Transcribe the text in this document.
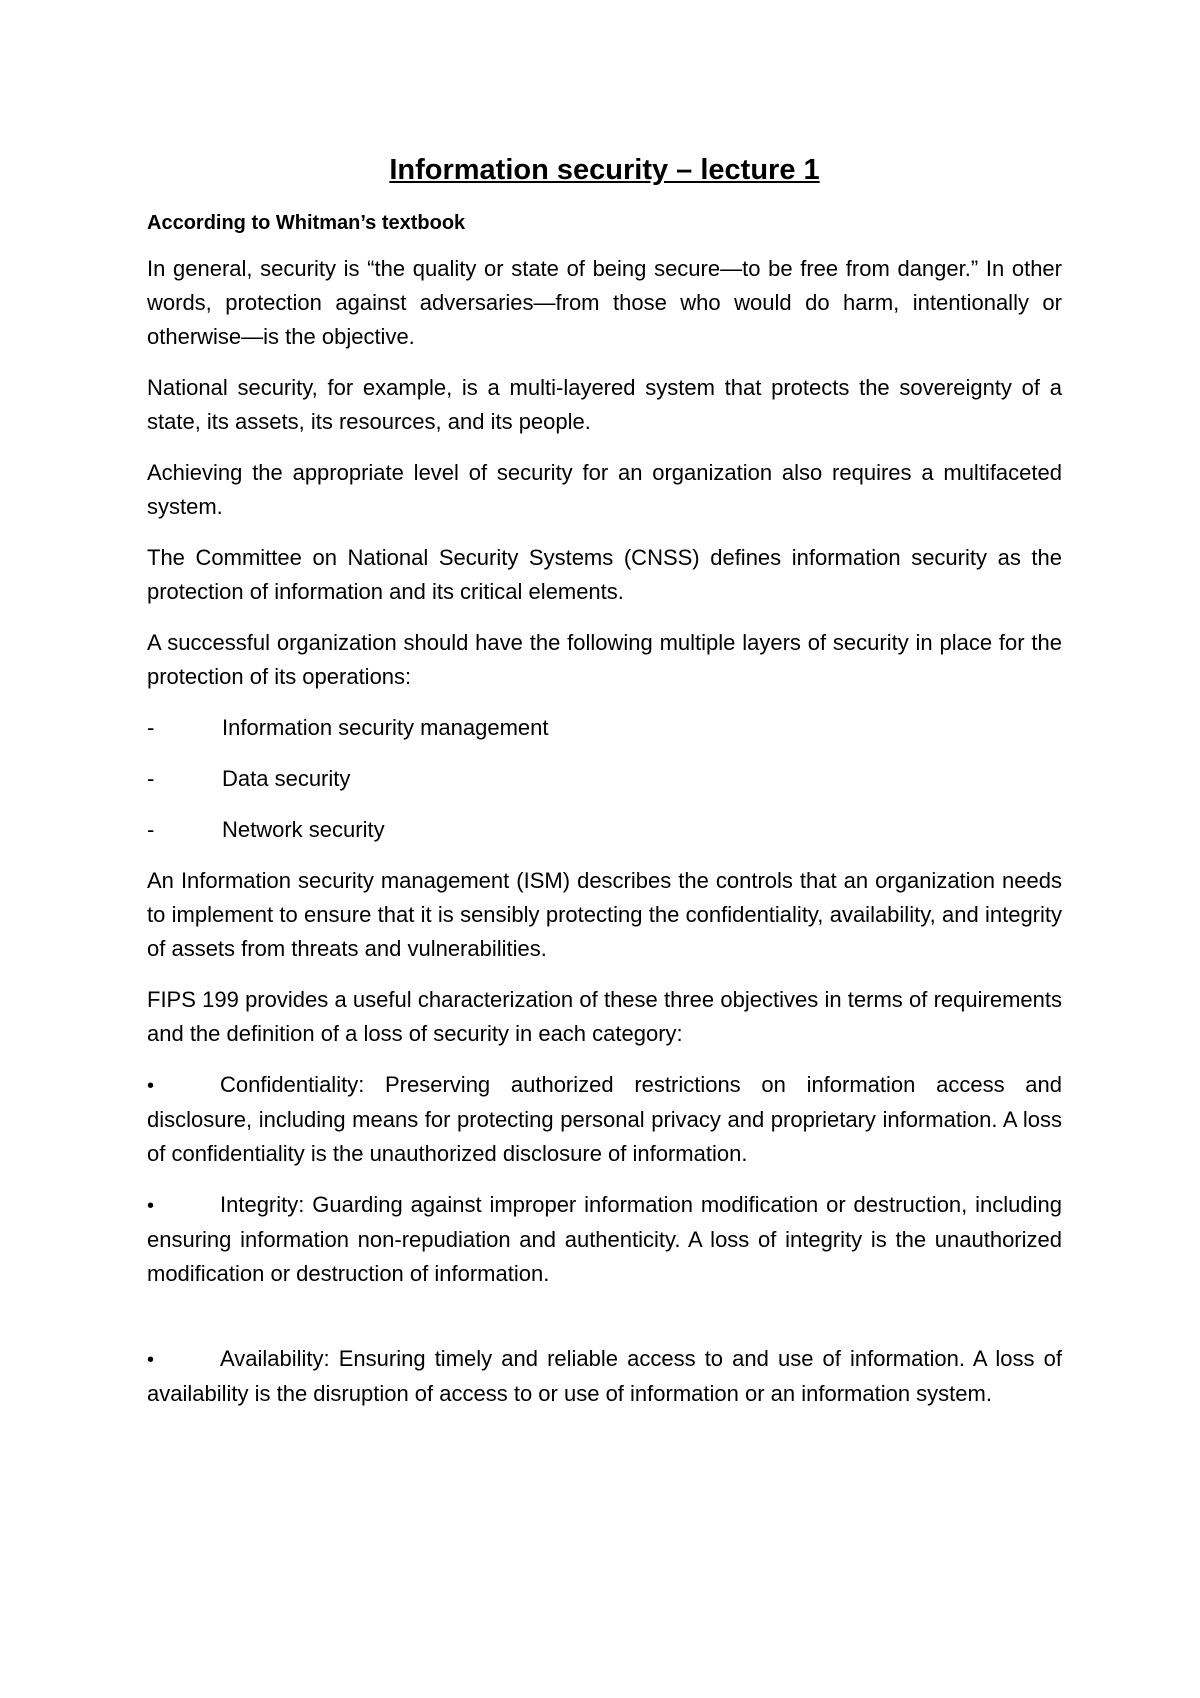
Information security – lecture 1
According to Whitman’s textbook

In general, security is “the quality or state of being secure—to be free from danger.” In other words, protection against adversaries—from those who would do harm, intentionally or otherwise—is the objective.

National security, for example, is a multi-layered system that protects the sovereignty of a state, its assets, its resources, and its people.

Achieving the appropriate level of security for an organization also requires a multifaceted system.

The Committee on National Security Systems (CNSS) defines information security as the protection of information and its critical elements.

A successful organization should have the following multiple layers of security in place for the protection of its operations:

-	Information security management
-	Data security
-	Network security

An Information security management (ISM) describes the controls that an organization needs to implement to ensure that it is sensibly protecting the confidentiality, availability, and integrity of assets from threats and vulnerabilities.

FIPS 199 provides a useful characterization of these three objectives in terms of requirements and the definition of a loss of security in each category:

•	Confidentiality: Preserving authorized restrictions on information access and disclosure, including means for protecting personal privacy and proprietary information. A loss of confidentiality is the unauthorized disclosure of information.

•	Integrity: Guarding against improper information modification or destruction, including ensuring information non-repudiation and authenticity. A loss of integrity is the unauthorized modification or destruction of information.

•	Availability: Ensuring timely and reliable access to and use of information. A loss of availability is the disruption of access to or use of information or an information system.
